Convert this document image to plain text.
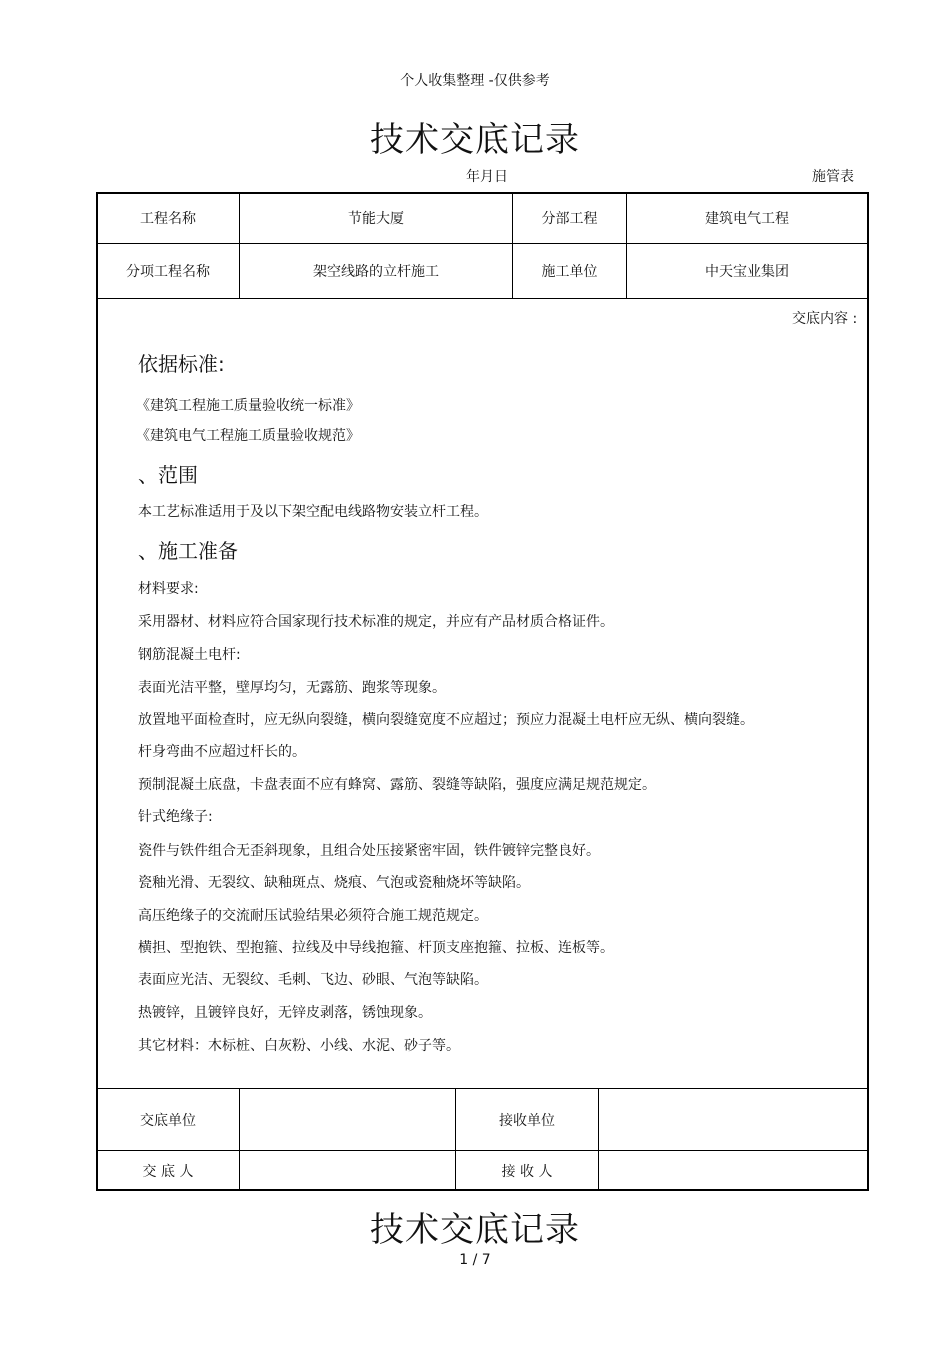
个人收集整理 -仅供参考
技术交底记录
年月日	施管表
工程名称	节能大厦	分部工程	建筑电气工程
分项工程名称	架空线路的立杆施工	施工单位	中天宝业集团
交底内容 :
依据标准:
《建筑工程施工质量验收统一标准》
《建筑电气工程施工质量验收规范》
、范围
本工艺标准适用于及以下架空配电线路物安装立杆工程。
、施工准备
材料要求:
采用器材、材料应符合国家现行技术标准的规定，并应有产品材质合格证件。
钢筋混凝土电杆:
表面光洁平整，壁厚均匀，无露筋、跑浆等现象。
放置地平面检查时，应无纵向裂缝，横向裂缝宽度不应超过；预应力混凝土电杆应无纵、横向裂缝。
杆身弯曲不应超过杆长的。
预制混凝土底盘，卡盘表面不应有蜂窝、露筋、裂缝等缺陷，强度应满足规范规定。
针式绝缘子:
瓷件与铁件组合无歪斜现象，且组合处压接紧密牢固，铁件镀锌完整良好。
瓷釉光滑、无裂纹、缺釉斑点、烧痕、气泡或瓷釉烧坏等缺陷。
高压绝缘子的交流耐压试验结果必须符合施工规范规定。
横担、型抱铁、型抱箍、拉线及中导线抱箍、杆顶支座抱箍、拉板、连板等。
表面应光洁、无裂纹、毛刺、飞边、砂眼、气泡等缺陷。
热镀锌，且镀锌良好，无锌皮剥落，锈蚀现象。
其它材料：木标桩、白灰粉、小线、水泥、砂子等。
交底单位	接收单位
交 底 人	接 收 人
技术交底记录
1 / 7
